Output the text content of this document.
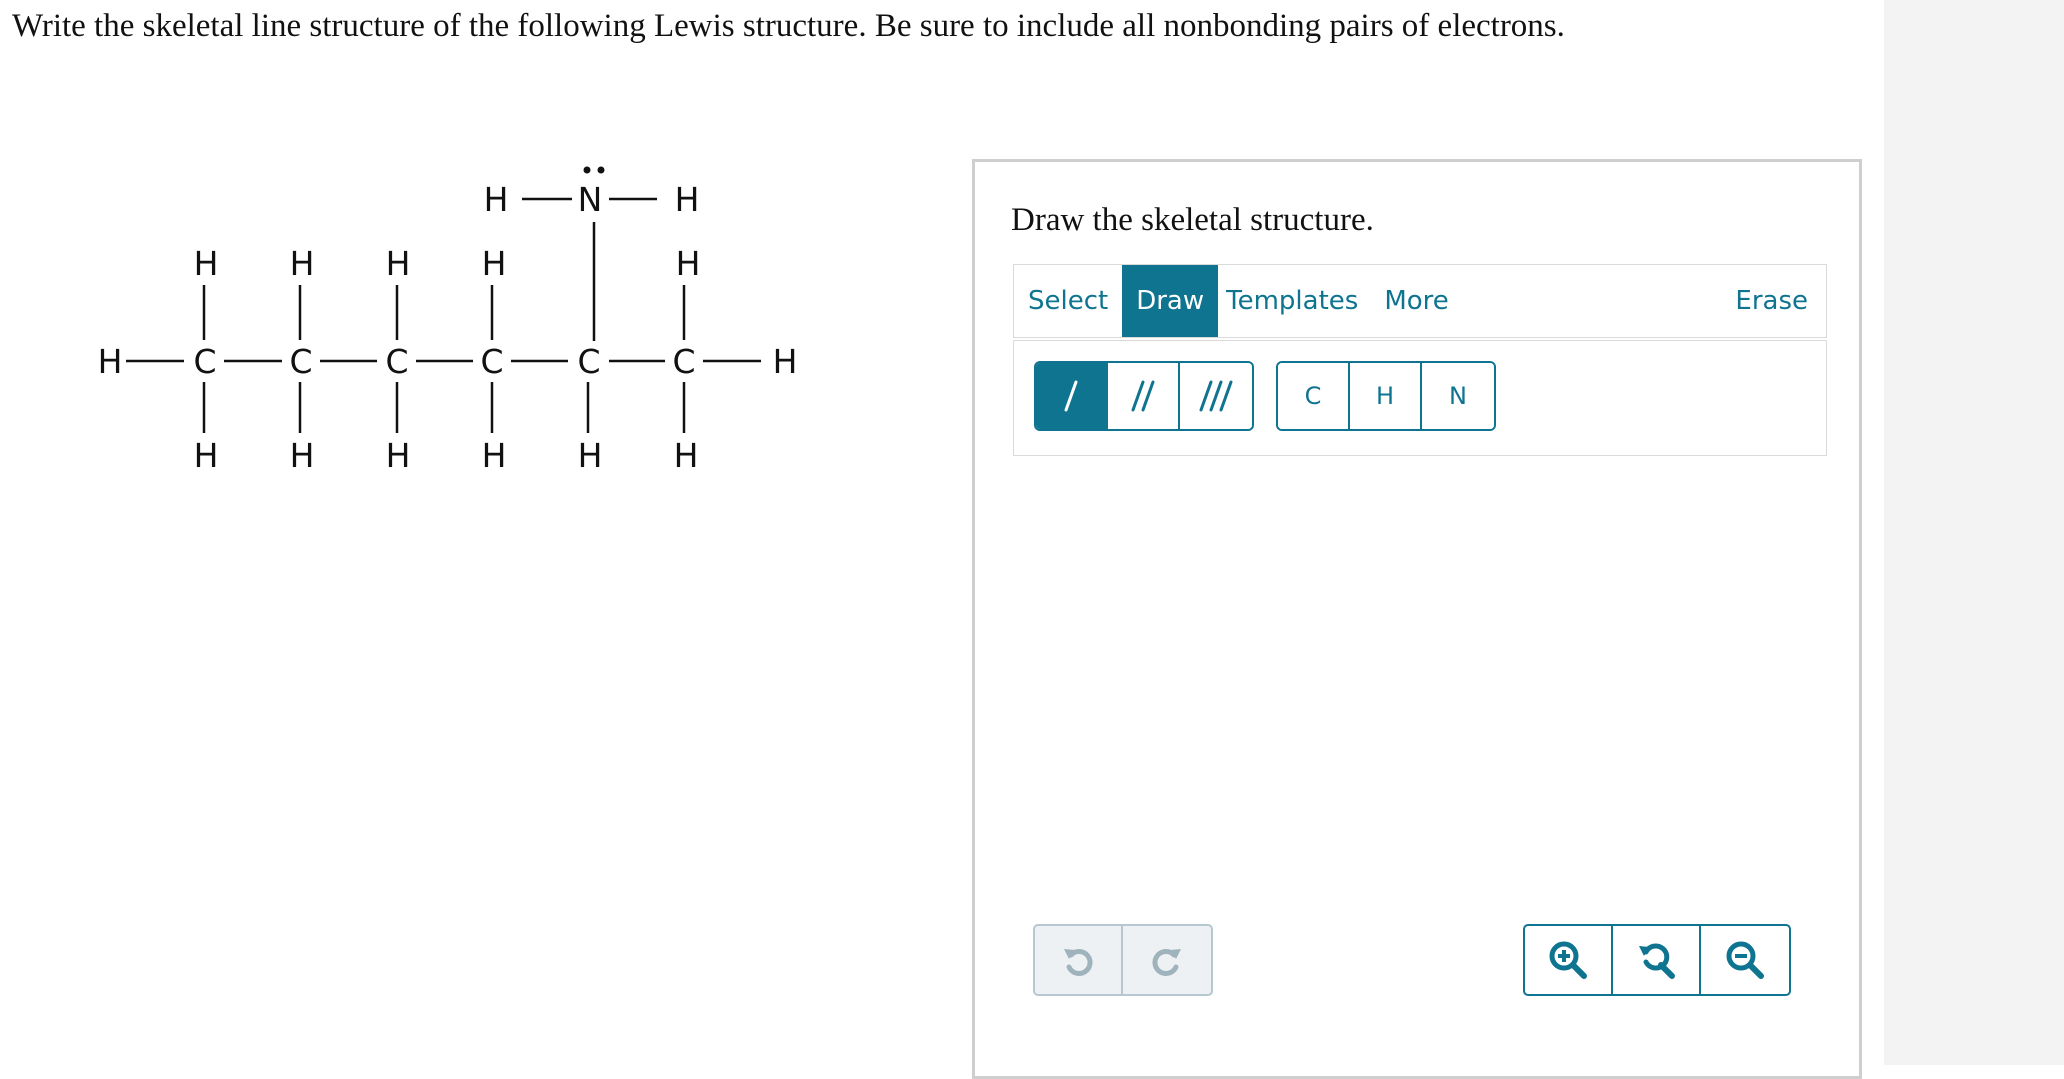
Write the skeletal line structure of the following Lewis structure. Be sure to include all nonbonding pairs of electrons.
H N H
H H H H	H
H C C C C C C H
H H H H H H
Draw the skeletal structure.
Select	Draw Templates	More	Erase
C	H	N
